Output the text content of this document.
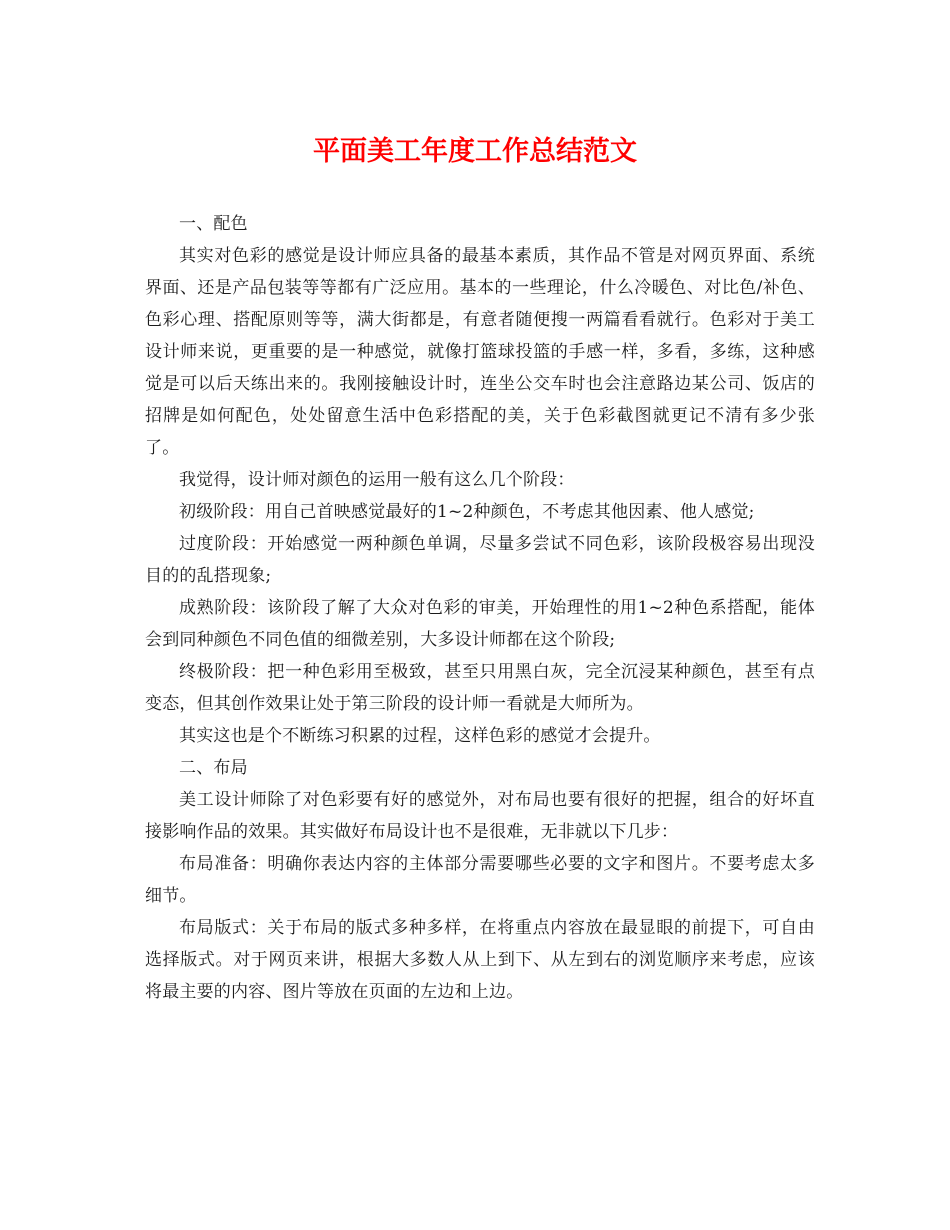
平面美工年度工作总结范文

一、配色

其实对色彩的感觉是设计师应具备的最基本素质，其作品不管是对网页界面、系统界面、还是产品包装等等都有广泛应用。基本的一些理论，什么冷暖色、对比色/补色、色彩心理、搭配原则等等，满大街都是，有意者随便搜一两篇看看就行。色彩对于美工设计师来说，更重要的是一种感觉，就像打篮球投篮的手感一样，多看，多练，这种感觉是可以后天练出来的。我刚接触设计时，连坐公交车时也会注意路边某公司、饭店的招牌是如何配色，处处留意生活中色彩搭配的美，关于色彩截图就更记不清有多少张了。

我觉得，设计师对颜色的运用一般有这么几个阶段：

初级阶段：用自己首映感觉最好的1~2种颜色，不考虑其他因素、他人感觉;

过度阶段：开始感觉一两种颜色单调，尽量多尝试不同色彩，该阶段极容易出现没目的的乱搭现象;

成熟阶段：该阶段了解了大众对色彩的审美，开始理性的用1~2种色系搭配，能体会到同种颜色不同色值的细微差别，大多设计师都在这个阶段;

终极阶段：把一种色彩用至极致，甚至只用黑白灰，完全沉浸某种颜色，甚至有点变态，但其创作效果让处于第三阶段的设计师一看就是大师所为。

其实这也是个不断练习积累的过程，这样色彩的感觉才会提升。

二、布局

美工设计师除了对色彩要有好的感觉外，对布局也要有很好的把握，组合的好坏直接影响作品的效果。其实做好布局设计也不是很难，无非就以下几步：

布局准备：明确你表达内容的主体部分需要哪些必要的文字和图片。不要考虑太多细节。

布局版式：关于布局的版式多种多样，在将重点内容放在最显眼的前提下，可自由选择版式。对于网页来讲，根据大多数人从上到下、从左到右的浏览顺序来考虑，应该将最主要的内容、图片等放在页面的左边和上边。
